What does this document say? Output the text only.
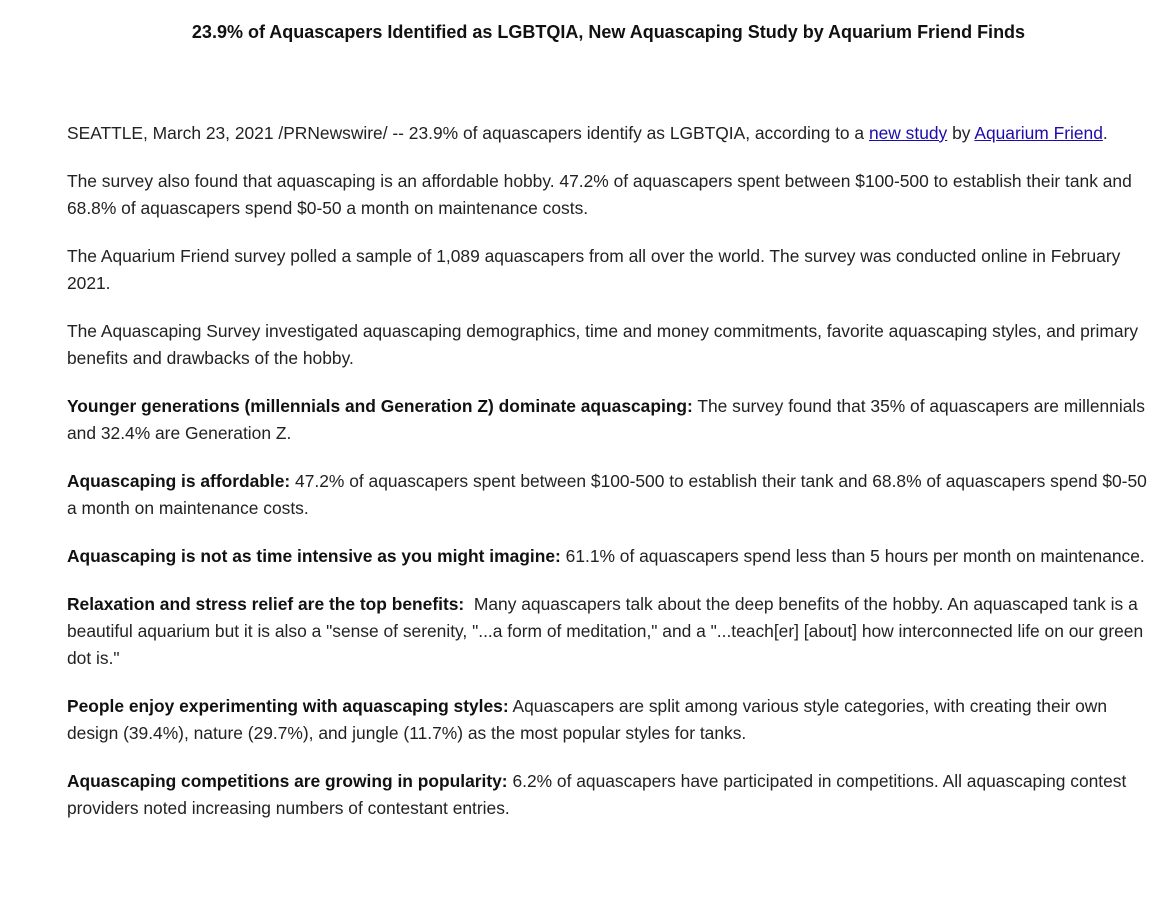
23.9% of Aquascapers Identified as LGBTQIA, New Aquascaping Study by Aquarium Friend Finds

SEATTLE, March 23, 2021 /PRNewswire/ -- 23.9% of aquascapers identify as LGBTQIA, according to a new study by Aquarium Friend.

The survey also found that aquascaping is an affordable hobby. 47.2% of aquascapers spent between $100-500 to establish their tank and 68.8% of aquascapers spend $0-50 a month on maintenance costs.

The Aquarium Friend survey polled a sample of 1,089 aquascapers from all over the world. The survey was conducted online in February 2021.

The Aquascaping Survey investigated aquascaping demographics, time and money commitments, favorite aquascaping styles, and primary benefits and drawbacks of the hobby.

Younger generations (millennials and Generation Z) dominate aquascaping: The survey found that 35% of aquascapers are millennials and 32.4% are Generation Z.

Aquascaping is affordable: 47.2% of aquascapers spent between $100-500 to establish their tank and 68.8% of aquascapers spend $0-50 a month on maintenance costs.

Aquascaping is not as time intensive as you might imagine: 61.1% of aquascapers spend less than 5 hours per month on maintenance.

Relaxation and stress relief are the top benefits:  Many aquascapers talk about the deep benefits of the hobby. An aquascaped tank is a beautiful aquarium but it is also a "sense of serenity, "...a form of meditation," and a "...teach[er] [about] how interconnected life on our green dot is."

People enjoy experimenting with aquascaping styles: Aquascapers are split among various style categories, with creating their own design (39.4%), nature (29.7%), and jungle (11.7%) as the most popular styles for tanks.

Aquascaping competitions are growing in popularity: 6.2% of aquascapers have participated in competitions. All aquascaping contest providers noted increasing numbers of contestant entries.
